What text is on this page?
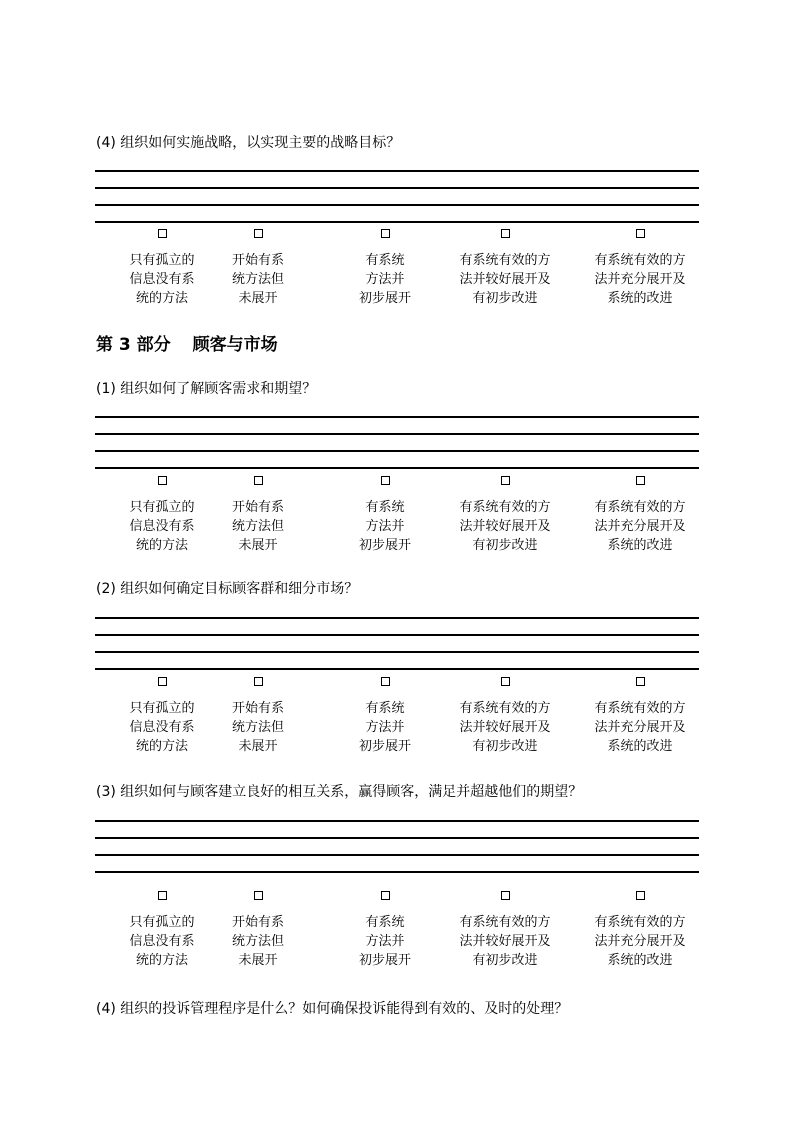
(4) 组织如何实施战略，以实现主要的战略目标？
只有孤立的
信息没有系
统的方法
开始有系
统方法但
未展开
有系统
方法并
初步展开
有系统有效的方
法并较好展开及
有初步改进
有系统有效的方
法并充分展开及
系统的改进
第 3 部分 顾客与市场
(1) 组织如何了解顾客需求和期望？
只有孤立的
信息没有系
统的方法
开始有系
统方法但
未展开
有系统
方法并
初步展开
有系统有效的方
法并较好展开及
有初步改进
有系统有效的方
法并充分展开及
系统的改进
(2) 组织如何确定目标顾客群和细分市场？
只有孤立的
信息没有系
统的方法
开始有系
统方法但
未展开
有系统
方法并
初步展开
有系统有效的方
法并较好展开及
有初步改进
有系统有效的方
法并充分展开及
系统的改进
(3) 组织如何与顾客建立良好的相互关系，赢得顾客，满足并超越他们的期望？
只有孤立的
信息没有系
统的方法
开始有系
统方法但
未展开
有系统
方法并
初步展开
有系统有效的方
法并较好展开及
有初步改进
有系统有效的方
法并充分展开及
系统的改进
(4) 组织的投诉管理程序是什么？如何确保投诉能得到有效的、及时的处理？
